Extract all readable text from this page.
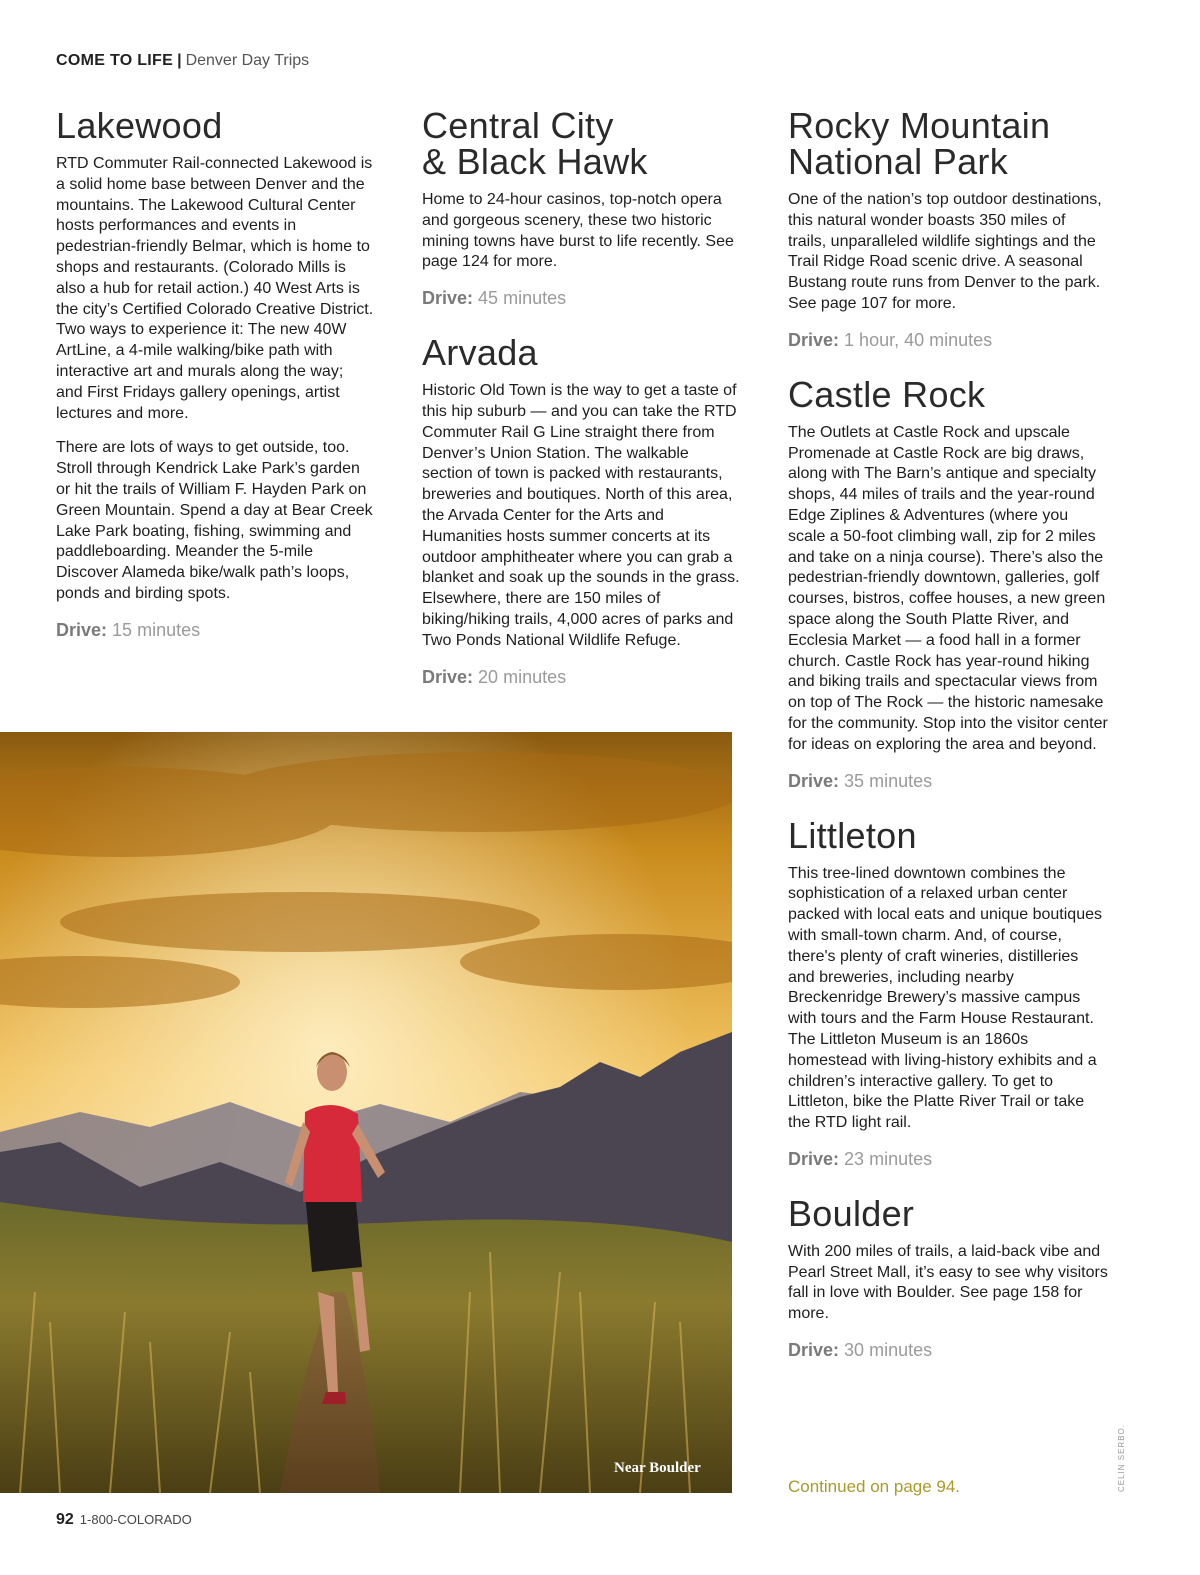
COME TO LIFE | Denver Day Trips
Lakewood

RTD Commuter Rail-connected Lakewood is a solid home base between Denver and the mountains. The Lakewood Cultural Center hosts performances and events in pedestrian-friendly Belmar, which is home to shops and restaurants. (Colorado Mills is also a hub for retail action.) 40 West Arts is the city’s Certified Colorado Creative District. Two ways to experience it: The new 40W ArtLine, a 4-mile walking/bike path with interactive art and murals along the way; and First Fridays gallery openings, artist lectures and more.

There are lots of ways to get outside, too. Stroll through Kendrick Lake Park’s garden or hit the trails of William F. Hayden Park on Green Mountain. Spend a day at Bear Creek Lake Park boating, fishing, swimming and paddleboarding. Meander the 5-mile Discover Alameda bike/walk path’s loops, ponds and birding spots.

Drive: 15 minutes
Central City
& Black Hawk

Home to 24-hour casinos, top-notch opera and gorgeous scenery, these two historic mining towns have burst to life recently. See page 124 for more.

Drive: 45 minutes
Arvada

Historic Old Town is the way to get a taste of this hip suburb — and you can take the RTD Commuter Rail G Line straight there from Denver’s Union Station. The walkable section of town is packed with restaurants, breweries and boutiques. North of this area, the Arvada Center for the Arts and Humanities hosts summer concerts at its outdoor amphitheater where you can grab a blanket and soak up the sounds in the grass. Elsewhere, there are 150 miles of biking/hiking trails, 4,000 acres of parks and Two Ponds National Wildlife Refuge.

Drive: 20 minutes
Rocky Mountain
National Park

One of the nation’s top outdoor destinations, this natural wonder boasts 350 miles of trails, unparalleled wildlife sightings and the Trail Ridge Road scenic drive. A seasonal Bustang route runs from Denver to the park. See page 107 for more.

Drive: 1 hour, 40 minutes
Castle Rock

The Outlets at Castle Rock and upscale Promenade at Castle Rock are big draws, along with The Barn’s antique and specialty shops, 44 miles of trails and the year-round Edge Ziplines & Adventures (where you scale a 50-foot climbing wall, zip for 2 miles and take on a ninja course). There’s also the pedestrian-friendly downtown, galleries, golf courses, bistros, coffee houses, a new green space along the South Platte River, and Ecclesia Market — a food hall in a former church. Castle Rock has year-round hiking and biking trails and spectacular views from on top of The Rock — the historic namesake for the community. Stop into the visitor center for ideas on exploring the area and beyond.

Drive: 35 minutes
Littleton

This tree-lined downtown combines the sophistication of a relaxed urban center packed with local eats and unique boutiques with small-town charm. And, of course, there's plenty of craft wineries, distilleries and breweries, including nearby Breckenridge Brewery’s massive campus with tours and the Farm House Restaurant. The Littleton Museum is an 1860s homestead with living-history exhibits and a children’s interactive gallery. To get to Littleton, bike the Platte River Trail or take the RTD light rail.

Drive: 23 minutes
Boulder

With 200 miles of trails, a laid-back vibe and Pearl Street Mall, it’s easy to see why visitors fall in love with Boulder. See page 158 for more.

Drive: 30 minutes
Near Boulder
Continued on page 94.	CELIN SERBO.
92 1-800-COLORADO
